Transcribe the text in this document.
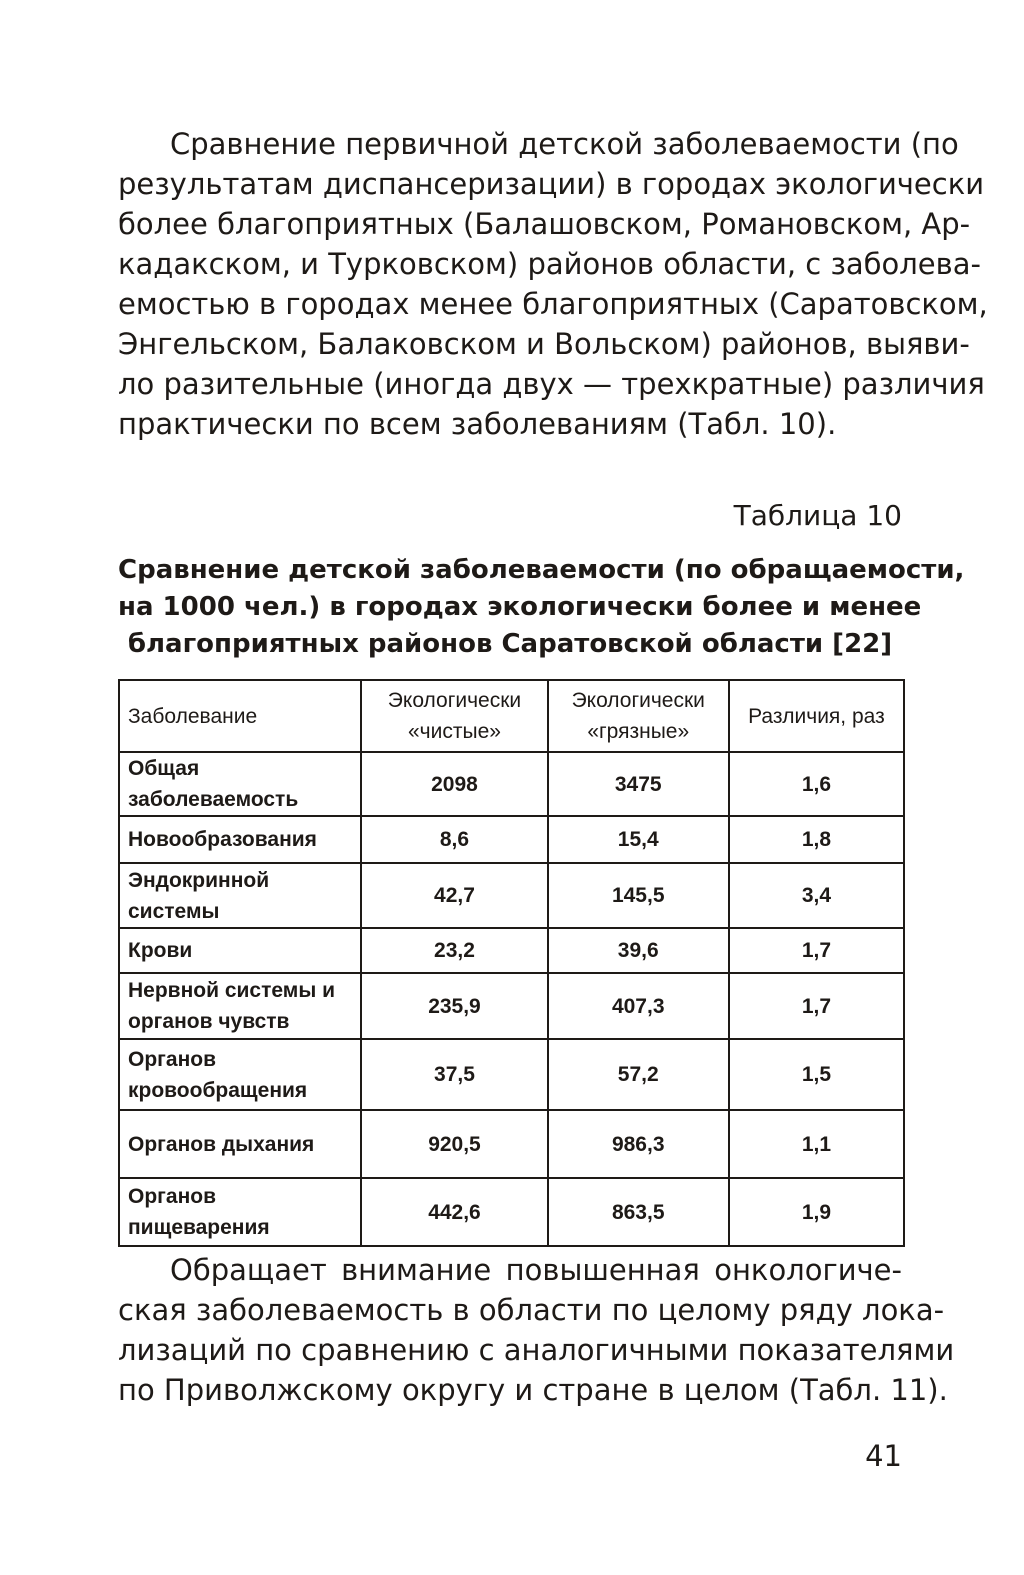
Сравнение первичной детской заболеваемости (по
результатам диспансеризации) в городах экологически
более благоприятных (Балашовском, Романовском, Ар-
кадакском, и Турковском) районов области, с заболева-
емостью в городах менее благоприятных (Саратовском,
Энгельском, Балаковском и Вольском) районов, выяви-
ло разительные (иногда двух — трехкратные) различия
практически по всем заболеваниям (Табл. 10).

Таблица 10
Сравнение детской заболеваемости (по обращаемости,
на 1000 чел.) в городах экологически более и менее
благоприятных районов Саратовской области [22]
Заболевание	Экологически «чистые»	Экологически «грязные»	Различия, раз
Общая заболеваемость	2098	3475	1,6
Новообразования	8,6	15,4	1,8
Эндокринной системы	42,7	145,5	3,4
Крови	23,2	39,6	1,7
Нервной системы и органов чувств	235,9	407,3	1,7
Органов кровообращения	37,5	57,2	1,5
Органов дыхания	920,5	986,3	1,1
Органов пищеварения	442,6	863,5	1,9

Обращает внимание повышенная онкологиче-
ская заболеваемость в области по целому ряду лока-
лизаций по сравнению с аналогичными показателями
по Приволжскому округу и стране в целом (Табл. 11).

41
